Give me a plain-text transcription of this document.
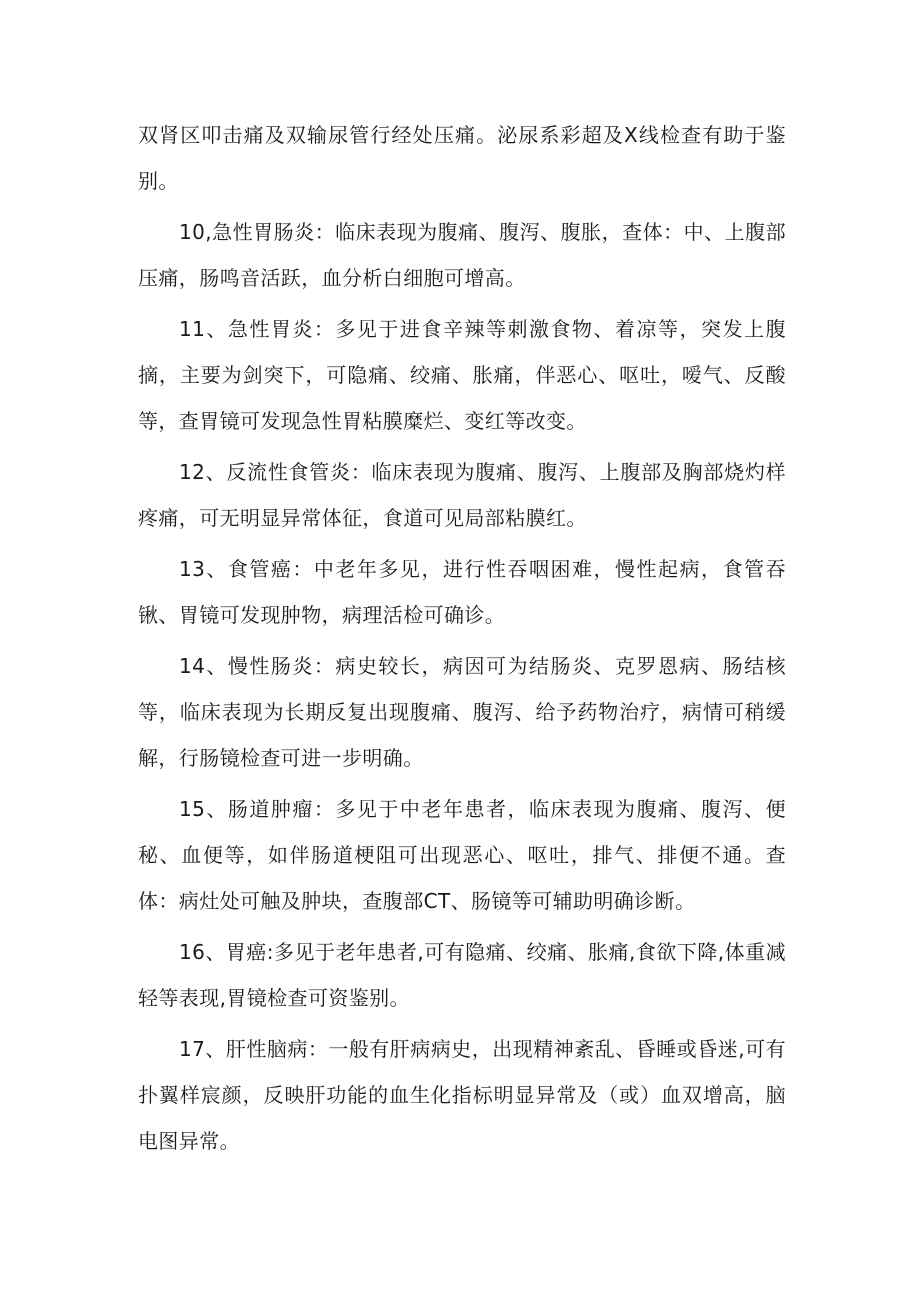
双肾区叩击痛及双输尿管行经处压痛。泌尿系彩超及X线检查有助于鉴别。

10,急性胃肠炎：临床表现为腹痛、腹泻、腹胀，查体：中、上腹部压痛，肠鸣音活跃，血分析白细胞可增高。

11、急性胃炎：多见于进食辛辣等刺激食物、着凉等，突发上腹摘，主要为剑突下，可隐痛、绞痛、胀痛，伴恶心、呕吐，嗳气、反酸等，查胃镜可发现急性胃粘膜糜烂、变红等改变。

12、反流性食管炎：临床表现为腹痛、腹泻、上腹部及胸部烧灼样疼痛，可无明显异常体征，食道可见局部粘膜红。

13、食管癌：中老年多见，进行性吞咽困难，慢性起病，食管吞锹、胃镜可发现肿物，病理活检可确诊。

14、慢性肠炎：病史较长，病因可为结肠炎、克罗恩病、肠结核等，临床表现为长期反复出现腹痛、腹泻、给予药物治疗，病情可稍缓解，行肠镜检查可进一步明确。

15、肠道肿瘤：多见于中老年患者，临床表现为腹痛、腹泻、便秘、血便等，如伴肠道梗阻可出现恶心、呕吐，排气、排便不通。查体：病灶处可触及肿块，查腹部CT、肠镜等可辅助明确诊断。

16、胃癌:多见于老年患者,可有隐痛、绞痛、胀痛,食欲下降,体重减轻等表现,胃镜检查可资鉴别。

17、肝性脑病：一般有肝病病史，出现精神紊乱、昏睡或昏迷,可有扑翼样宸颜，反映肝功能的血生化指标明显异常及（或）血双增高，脑电图异常。
